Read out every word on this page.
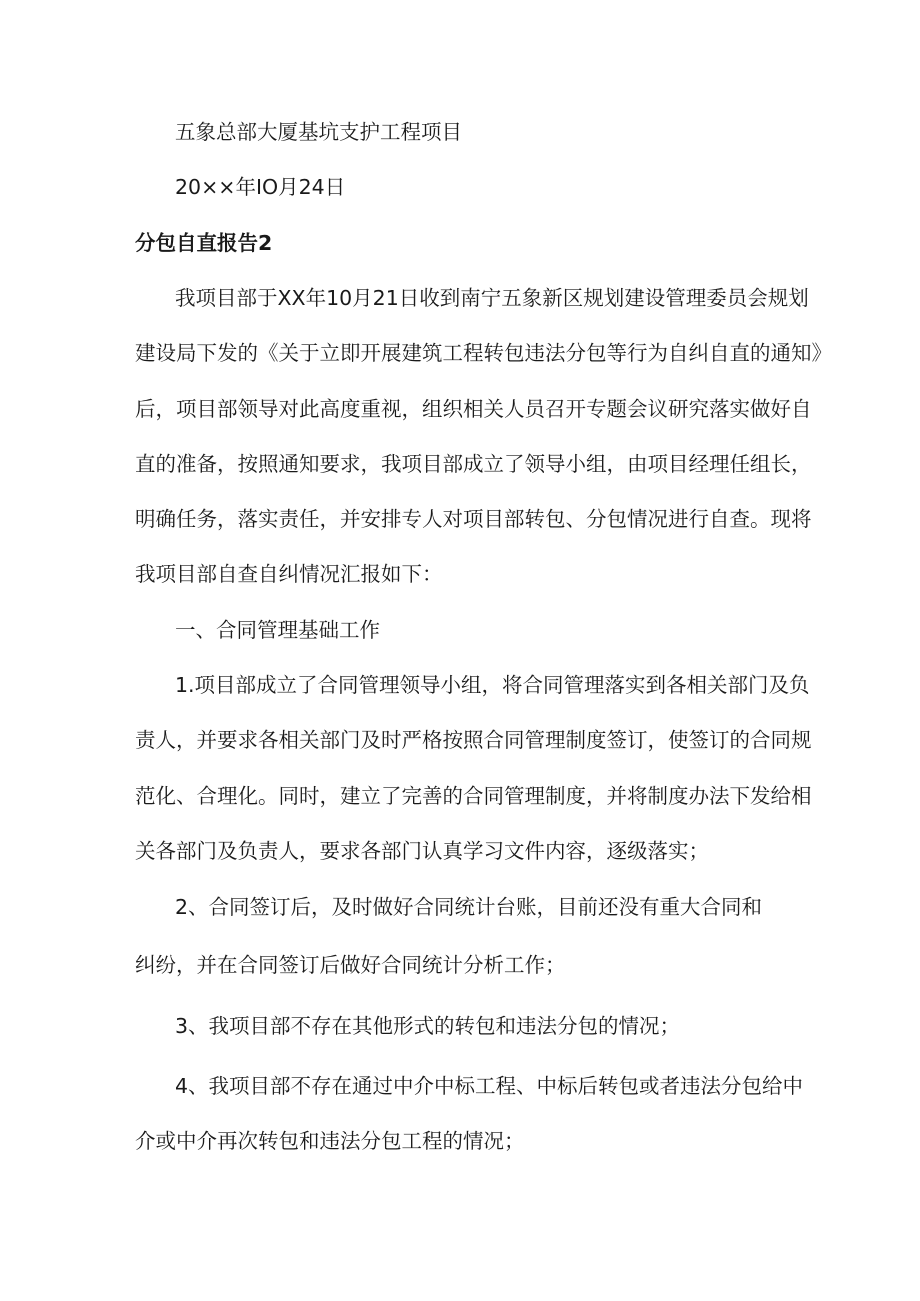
五象总部大厦基坑支护工程项目
20××年IO月24日
分包自直报告2
我项目部于XX年10月21日收到南宁五象新区规划建设管理委员会规划
建设局下发的《关于立即开展建筑工程转包违法分包等行为自纠自直的通知》
后，项目部领导对此高度重视，组织相关人员召开专题会议研究落实做好自
直的准备，按照通知要求，我项目部成立了领导小组，由项目经理任组长，
明确任务，落实责任，并安排专人对项目部转包、分包情况进行自查。现将
我项目部自查自纠情况汇报如下：
一、合同管理基础工作
1.项目部成立了合同管理领导小组，将合同管理落实到各相关部门及负
责人，并要求各相关部门及时严格按照合同管理制度签订，使签订的合同规
范化、合理化。同时，建立了完善的合同管理制度，并将制度办法下发给相
关各部门及负责人，要求各部门认真学习文件内容，逐级落实；
2、合同签订后，及时做好合同统计台账，目前还没有重大合同和
纠纷，并在合同签订后做好合同统计分析工作；
3、我项目部不存在其他形式的转包和违法分包的情况；
4、我项目部不存在通过中介中标工程、中标后转包或者违法分包给中
介或中介再次转包和违法分包工程的情况；
